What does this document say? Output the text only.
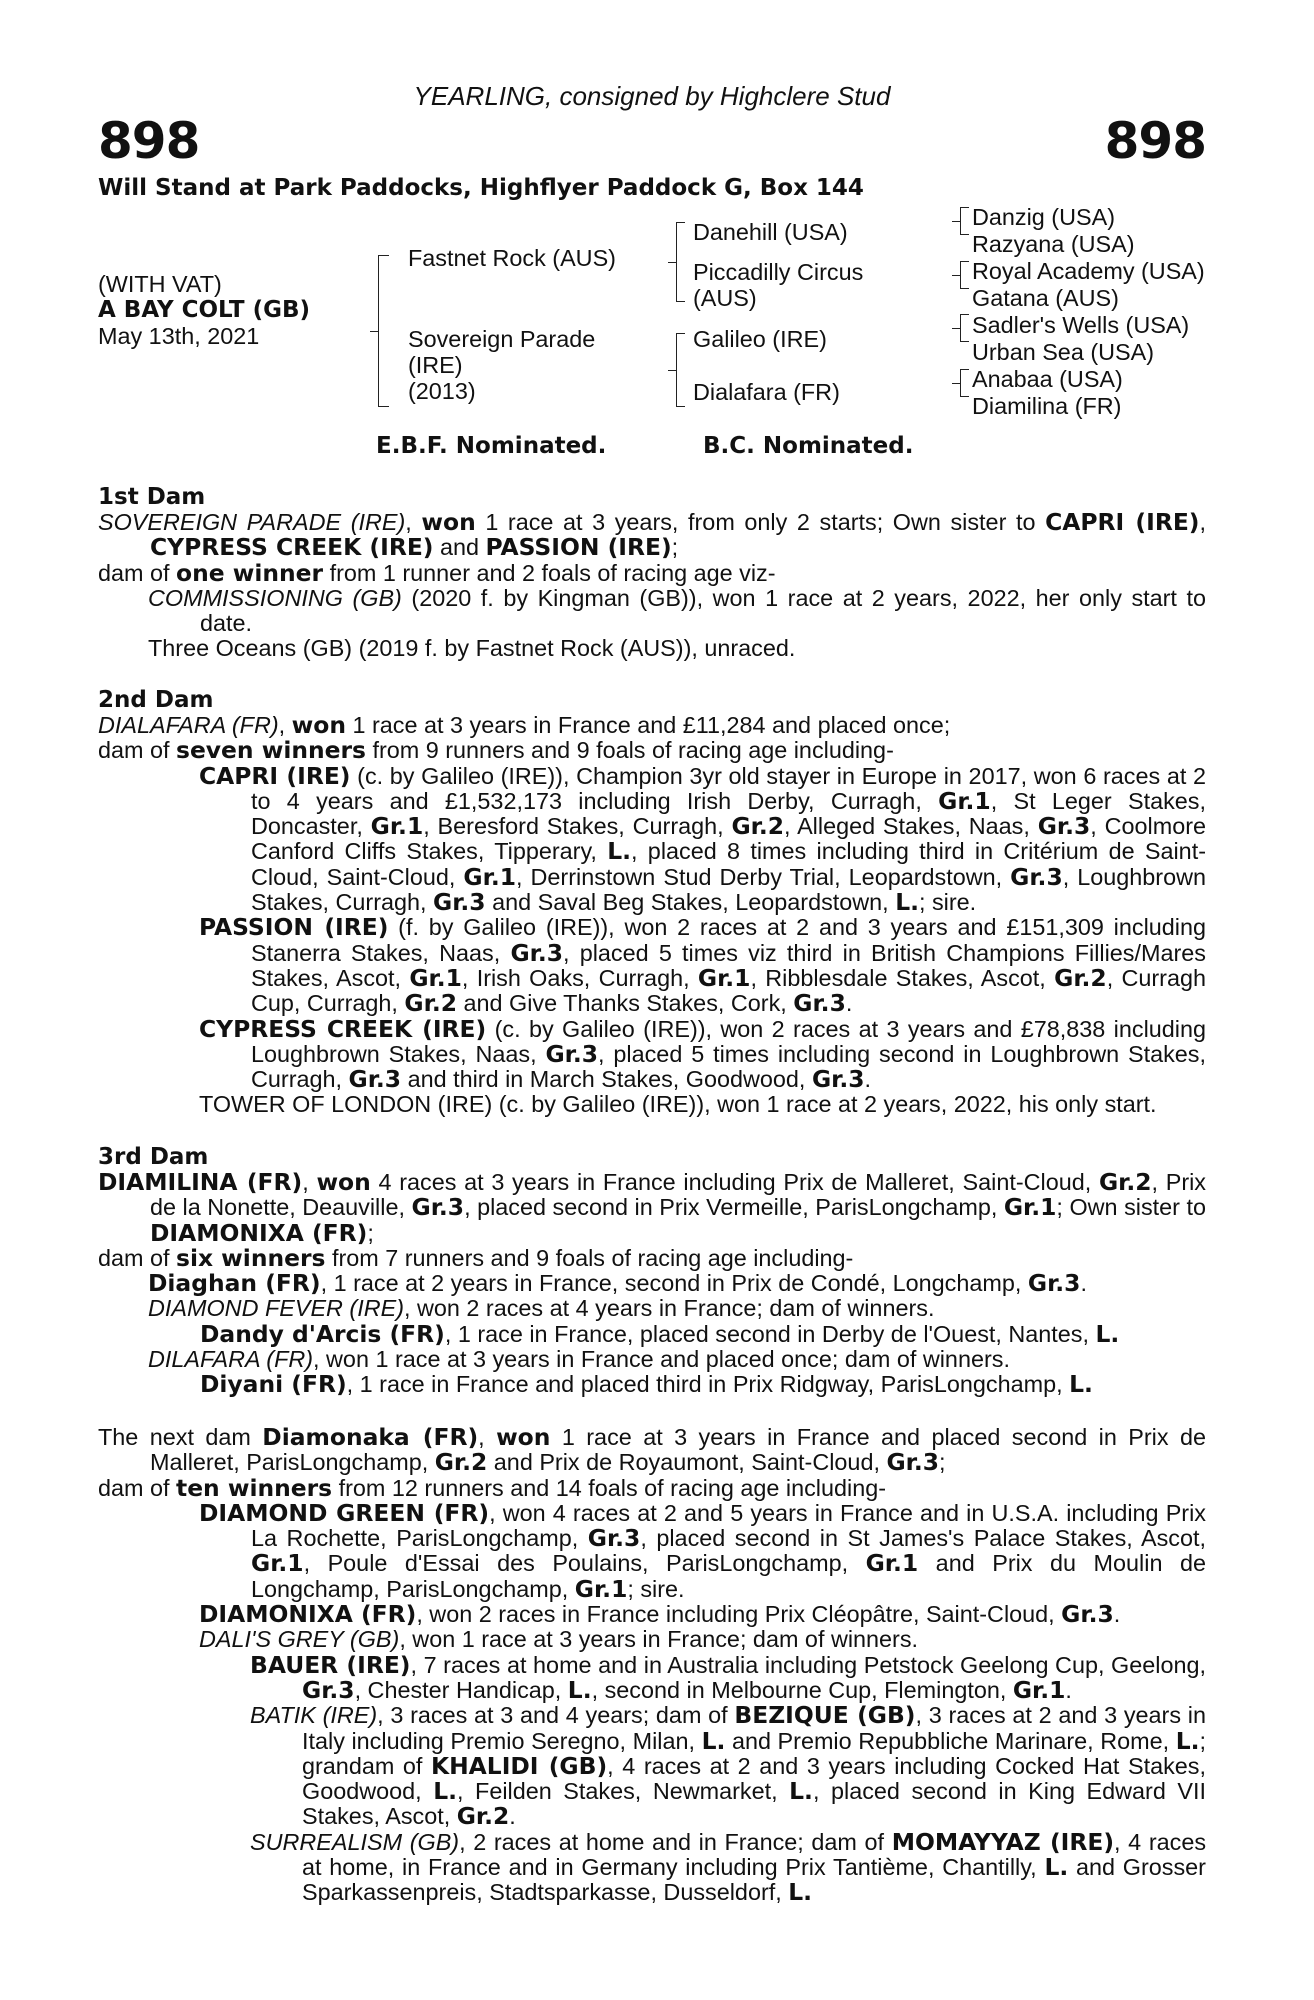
YEARLING, consigned by Highclere Stud
898	898
Will Stand at Park Paddocks, Highflyer Paddock G, Box 144
(WITH VAT)
A BAY COLT (GB)
May 13th, 2021
Fastnet Rock (AUS)
Sovereign Parade
(IRE)
(2013)
Danehill (USA)
Piccadilly Circus
(AUS)
Galileo (IRE)
Dialafara (FR)
Danzig (USA)
Razyana (USA)
Royal Academy (USA)
Gatana (AUS)
Sadler's Wells (USA)
Urban Sea (USA)
Anabaa (USA)
Diamilina (FR)
E.B.F. Nominated.	B.C. Nominated.
1st Dam

SOVEREIGN PARADE (IRE), won 1 race at 3 years, from only 2 starts; Own sister to CAPRI (IRE), CYPRESS CREEK (IRE) and PASSION (IRE);

dam of one winner from 1 runner and 2 foals of racing age viz-

COMMISSIONING (GB) (2020 f. by Kingman (GB)), won 1 race at 2 years, 2022, her only start to date.

Three Oceans (GB) (2019 f. by Fastnet Rock (AUS)), unraced.

2nd Dam

DIALAFARA (FR), won 1 race at 3 years in France and £11,284 and placed once;

dam of seven winners from 9 runners and 9 foals of racing age including-

CAPRI (IRE) (c. by Galileo (IRE)), Champion 3yr old stayer in Europe in 2017, won 6 races at 2 to 4 years and £1,532,173 including Irish Derby, Curragh, Gr.1, St Leger Stakes, Doncaster, Gr.1, Beresford Stakes, Curragh, Gr.2, Alleged Stakes, Naas, Gr.3, Coolmore Canford Cliffs Stakes, Tipperary, L., placed 8 times including third in Critérium de Saint-Cloud, Saint-Cloud, Gr.1, Derrinstown Stud Derby Trial, Leopardstown, Gr.3, Loughbrown Stakes, Curragh, Gr.3 and Saval Beg Stakes, Leopardstown, L.; sire.

PASSION (IRE) (f. by Galileo (IRE)), won 2 races at 2 and 3 years and £151,309 including Stanerra Stakes, Naas, Gr.3, placed 5 times viz third in British Champions Fillies/Mares Stakes, Ascot, Gr.1, Irish Oaks, Curragh, Gr.1, Ribblesdale Stakes, Ascot, Gr.2, Curragh Cup, Curragh, Gr.2 and Give Thanks Stakes, Cork, Gr.3.

CYPRESS CREEK (IRE) (c. by Galileo (IRE)), won 2 races at 3 years and £78,838 including Loughbrown Stakes, Naas, Gr.3, placed 5 times including second in Loughbrown Stakes, Curragh, Gr.3 and third in March Stakes, Goodwood, Gr.3.

TOWER OF LONDON (IRE) (c. by Galileo (IRE)), won 1 race at 2 years, 2022, his only start.

3rd Dam

DIAMILINA (FR), won 4 races at 3 years in France including Prix de Malleret, Saint-Cloud, Gr.2, Prix de la Nonette, Deauville, Gr.3, placed second in Prix Vermeille, ParisLongchamp, Gr.1; Own sister to DIAMONIXA (FR);

dam of six winners from 7 runners and 9 foals of racing age including-

Diaghan (FR), 1 race at 2 years in France, second in Prix de Condé, Longchamp, Gr.3.

DIAMOND FEVER (IRE), won 2 races at 4 years in France; dam of winners.

Dandy d'Arcis (FR), 1 race in France, placed second in Derby de l'Ouest, Nantes, L.

DILAFARA (FR), won 1 race at 3 years in France and placed once; dam of winners.

Diyani (FR), 1 race in France and placed third in Prix Ridgway, ParisLongchamp, L.

The next dam Diamonaka (FR), won 1 race at 3 years in France and placed second in Prix de Malleret, ParisLongchamp, Gr.2 and Prix de Royaumont, Saint-Cloud, Gr.3;

dam of ten winners from 12 runners and 14 foals of racing age including-

DIAMOND GREEN (FR), won 4 races at 2 and 5 years in France and in U.S.A. including Prix La Rochette, ParisLongchamp, Gr.3, placed second in St James's Palace Stakes, Ascot, Gr.1, Poule d'Essai des Poulains, ParisLongchamp, Gr.1 and Prix du Moulin de Longchamp, ParisLongchamp, Gr.1; sire.

DIAMONIXA (FR), won 2 races in France including Prix Cléopâtre, Saint-Cloud, Gr.3.

DALI'S GREY (GB), won 1 race at 3 years in France; dam of winners.

BAUER (IRE), 7 races at home and in Australia including Petstock Geelong Cup, Geelong, Gr.3, Chester Handicap, L., second in Melbourne Cup, Flemington, Gr.1.

BATIK (IRE), 3 races at 3 and 4 years; dam of BEZIQUE (GB), 3 races at 2 and 3 years in Italy including Premio Seregno, Milan, L. and Premio Repubbliche Marinare, Rome, L.; grandam of KHALIDI (GB), 4 races at 2 and 3 years including Cocked Hat Stakes, Goodwood, L., Feilden Stakes, Newmarket, L., placed second in King Edward VII Stakes, Ascot, Gr.2.

SURREALISM (GB), 2 races at home and in France; dam of MOMAYYAZ (IRE), 4 races at home, in France and in Germany including Prix Tantième, Chantilly, L. and Grosser Sparkassenpreis, Stadtsparkasse, Dusseldorf, L.
